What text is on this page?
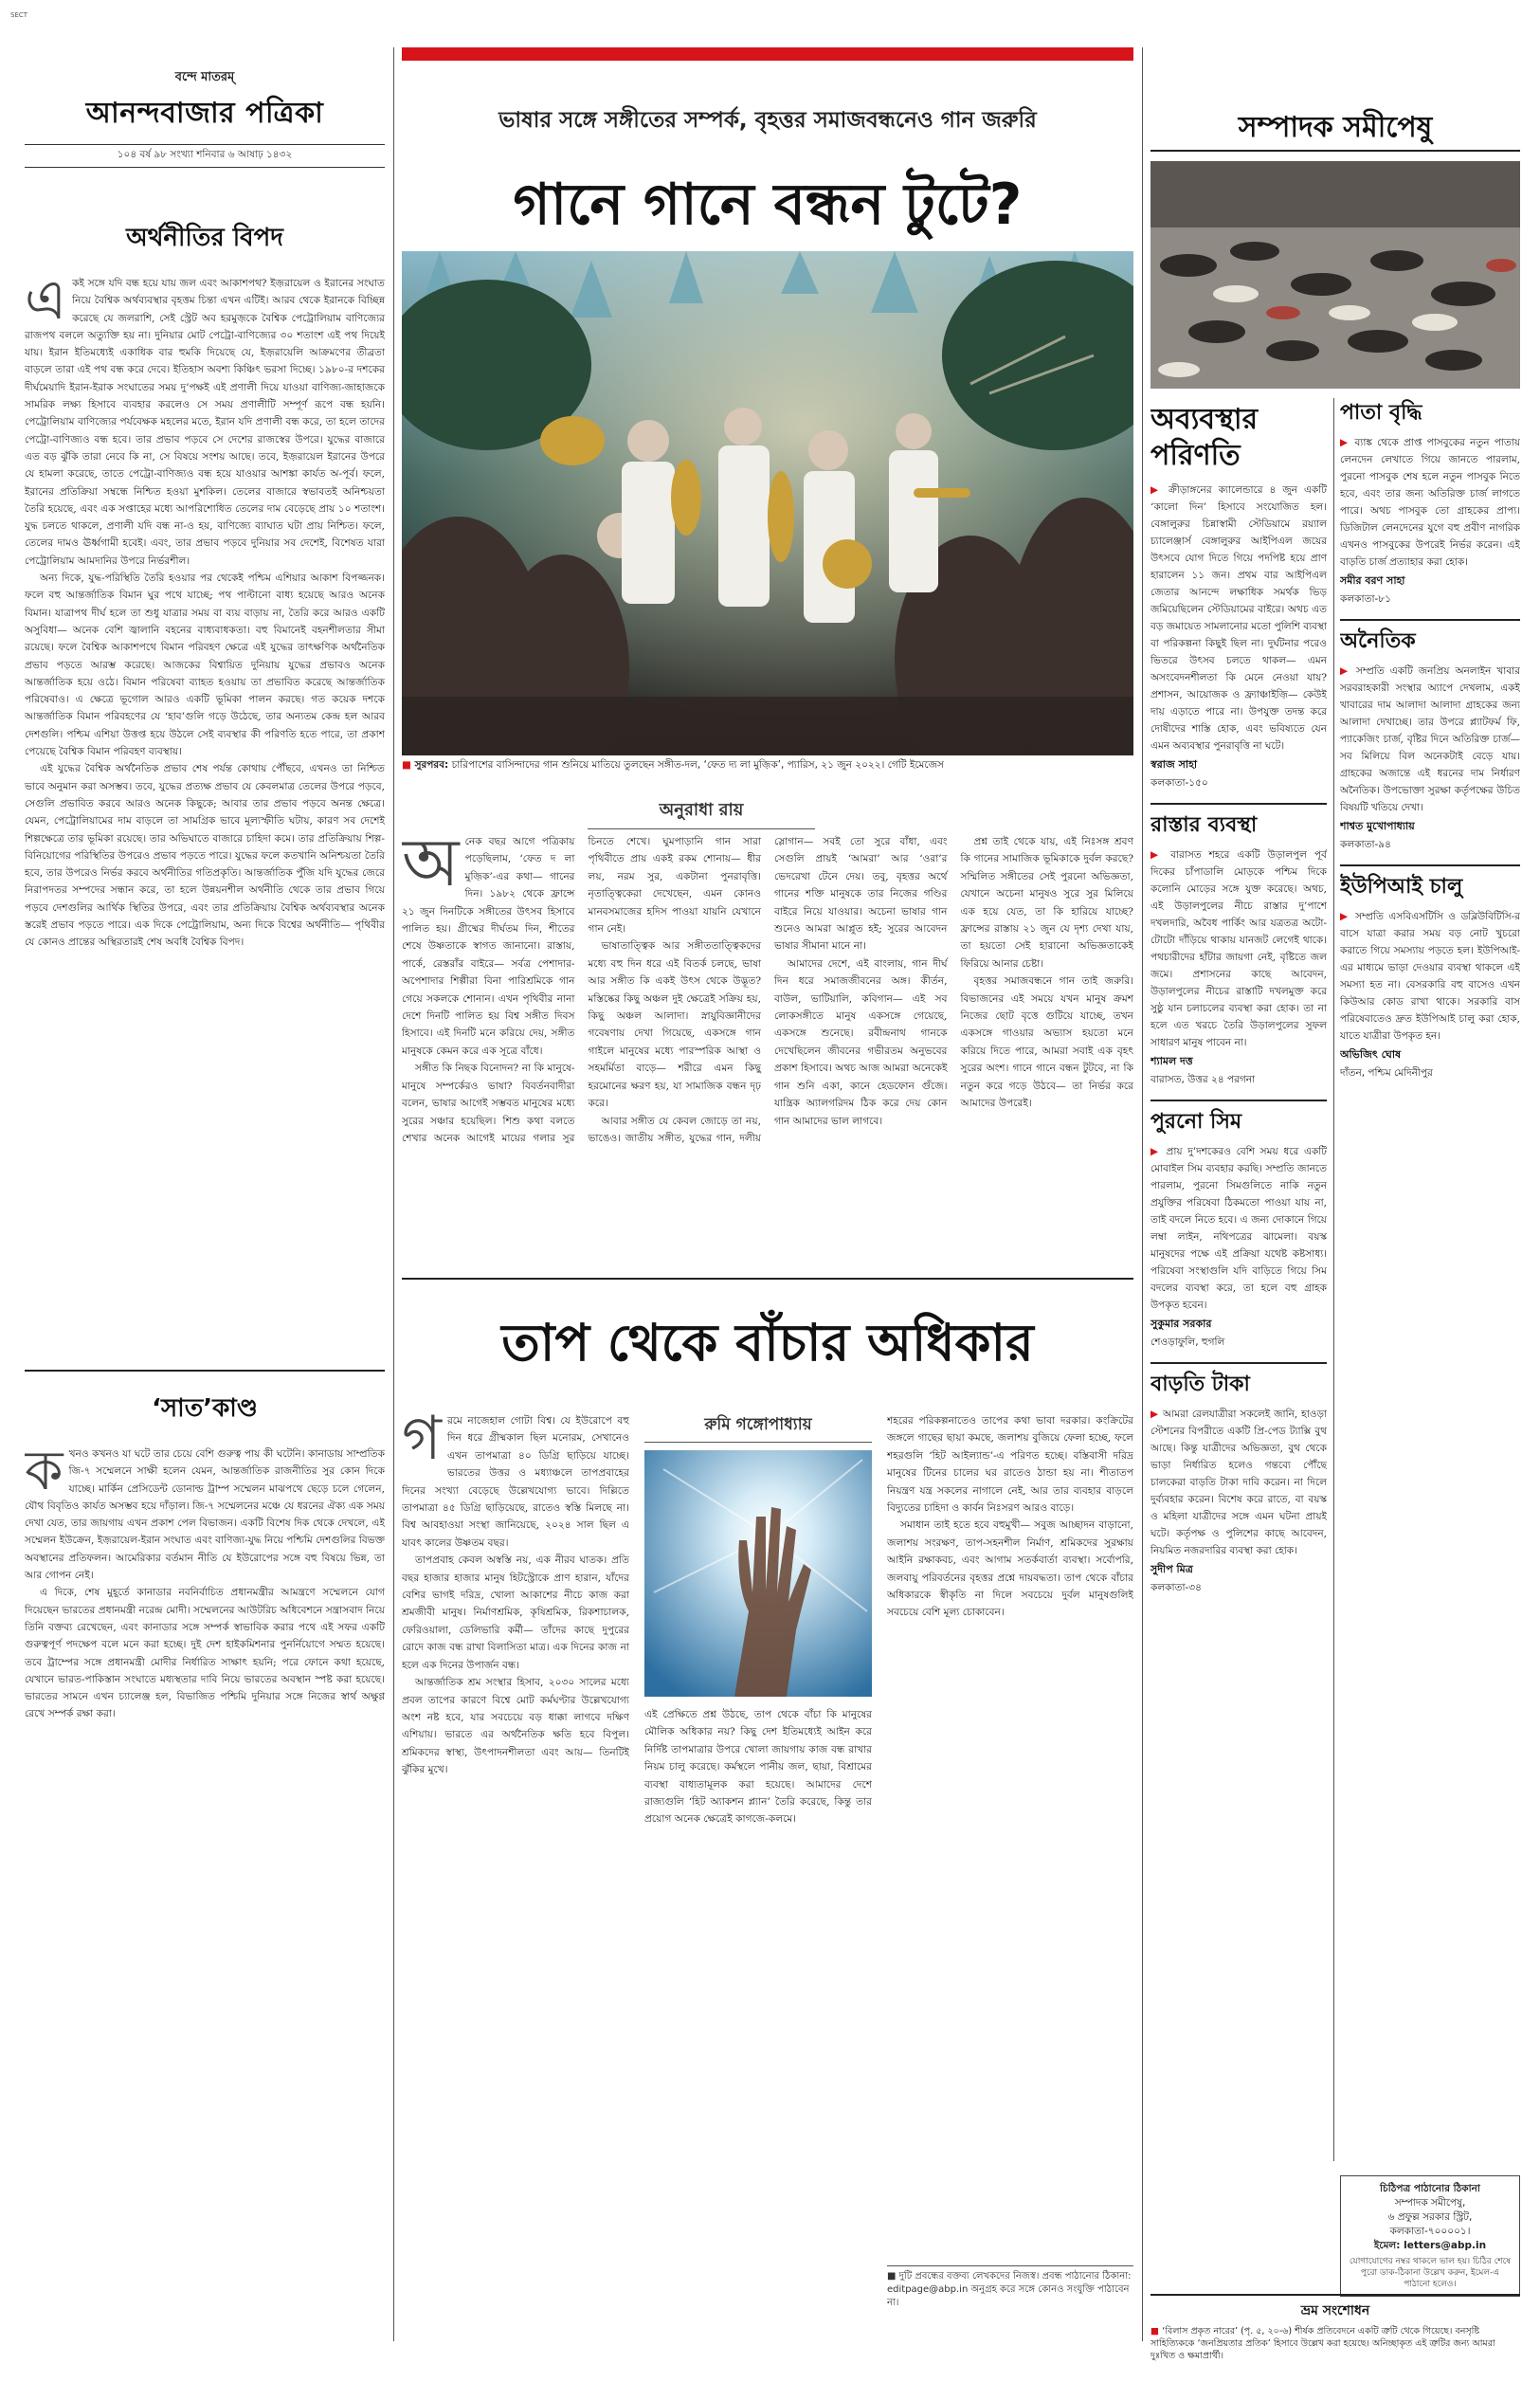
SECT
বন্দে মাতরম্‌
আনন্দবাজার পত্রিকা
১০৪ বর্ষ ৯৮ সংখ্যা শনিবার ৬ আষাঢ় ১৪৩২
অর্থনীতির বিপদ
এ কই সঙ্গে যদি বন্ধ হয়ে যায় জল এবং আকাশপথ? ইজ়রায়েল ও ইরানের সংঘাত নিয়ে বৈশ্বিক অর্থব্যবস্থার বৃহত্তম চিন্তা এখন এটিই। আরব থেকে ইরানকে বিচ্ছিন্ন করেছে যে জলরাশি, সেই স্ট্রেট অব হরমুজ়কে বৈশ্বিক পেট্রোলিয়াম বাণিজ্যের রাজপথ বললে অত্যুক্তি হয় না। দুনিয়ার মোট পেট্রো-বাণিজ্যের ৩০ শতাংশ এই পথ দিয়েই যায়। ইরান ইতিমধ্যেই একাধিক বার হুমকি দিয়েছে যে, ইজ়রায়েলি আক্রমণের তীব্রতা বাড়লে তারা এই পথ বন্ধ করে দেবে। ইতিহাস অবশ্য কিঞ্চিৎ ভরসা দিচ্ছে। ১৯৮০-র দশকের দীর্ঘমেয়াদি ইরান-ইরাক সংঘাতের সময় দু’পক্ষই এই প্রণালী দিয়ে যাওয়া বাণিজ্য-জাহাজকে সামরিক লক্ষ্য হিসাবে ব্যবহার করলেও সে সময় প্রণালীটি সম্পূর্ণ রূপে বন্ধ হয়নি। পেট্রোলিয়াম বাণিজ্যের পর্যবেক্ষক মহলের মতে, ইরান যদি প্রণালী বন্ধ করে, তা হলে তাদের পেট্রো-বাণিজ্যও বন্ধ হবে। তার প্রভাব পড়বে সে দেশের রাজস্বের উপরে। যুদ্ধের বাজারে এত বড় ঝুঁকি তারা নেবে কি না, সে বিষয়ে সংশয় আছে। তবে, ইজ়রায়েল ইরানের উপরে যে হামলা করেছে, তাতে পেট্রো-বাণিজ্যও বন্ধ হয়ে যাওয়ার আশঙ্কা কার্যত অ-পূর্ব। ফলে, ইরানের প্রতিক্রিয়া সম্বন্ধে নিশ্চিত হওয়া মুশকিল। তেলের বাজারে স্বভাবতই অনিশ্চয়তা তৈরি হয়েছে, এবং এক সপ্তাহের মধ্যে আপরিশোধিত তেলের দাম বেড়েছে প্রায় ১০ শতাংশ। যুদ্ধ চলতে থাকলে, প্রণালী যদি বন্ধ না-ও হয়, বাণিজ্যে ব্যাঘাত ঘটা প্রায় নিশ্চিত। ফলে, তেলের দামও ঊর্ধ্বগামী হবেই। এবং, তার প্রভাব পড়বে দুনিয়ার সব দেশেই, বিশেষত যারা পেট্রোলিয়াম আমদানির উপরে নির্ভরশীল।

অন্য দিকে, যুদ্ধ-পরিস্থিতি তৈরি হওয়ার পর থেকেই পশ্চিম এশিয়ার আকাশ বিপজ্জনক। ফলে বহু আন্তর্জাতিক বিমান ঘুর পথে যাচ্ছে; পথ পাল্টানো বাধ্য হয়েছে আরও অনেক বিমান। যাত্রাপথ দীর্ঘ হলে তা শুধু যাত্রার সময় বা ব্যয় বাড়ায় না, তৈরি করে আরও একটি অসুবিধা— অনেক বেশি জ্বালানি বহনের বাধ্যবাধকতা। বহু বিমানেই বহনশীলতার সীমা রয়েছে। ফলে বৈশ্বিক আকাশপথে বিমান পরিবহণ ক্ষেত্রে এই যুদ্ধের তাৎক্ষণিক অর্থনৈতিক প্রভাব পড়তে আরম্ভ করেছে। আজকের বিশ্বায়িত দুনিয়ায় যুদ্ধের প্রভাবও অনেক আন্তর্জাতিক হয়ে ওঠে। বিমান পরিষেবা ব্যাহত হওয়ায় তা প্রভাবিত করেছে আন্তর্জাতিক পরিষেবাও। এ ক্ষেত্রে ভূগোল আরও একটি ভূমিকা পালন করছে। গত কয়েক দশকে আন্তর্জাতিক বিমান পরিবহণের যে ‘হাব’গুলি গড়ে উঠেছে, তার অন্যতম কেন্দ্র হল আরব দেশগুলি। পশ্চিম এশিয়া উত্তপ্ত হয়ে উঠলে সেই ব্যবস্থার কী পরিণতি হতে পারে, তা প্রকাশ পেয়েছে বৈশ্বিক বিমান পরিবহণ ব্যবস্থায়।

এই যুদ্ধের বৈশ্বিক অর্থনৈতিক প্রভাব শেষ পর্যন্ত কোথায় পৌঁছবে, এখনও তা নিশ্চিত ভাবে অনুমান করা অসম্ভব। তবে, যুদ্ধের প্রত্যক্ষ প্রভাব যে কেবলমাত্র তেলের উপরে পড়বে, সেগুলি প্রভাবিত করবে আরও অনেক কিছুকে; আবার তার প্রভাব পড়বে অনন্ত ক্ষেত্রে। যেমন, পেট্রোলিয়ামের দাম বাড়লে তা সামগ্রিক ভাবে মূল্যস্ফীতি ঘটায়, কারণ সব দেশেই শিল্পক্ষেত্রে তার ভূমিকা রয়েছে। তার অভিঘাতে বাজারে চাহিদা কমে। তার প্রতিক্রিয়ায় শিল্প-বিনিয়োগের পরিস্থিতির উপরেও প্রভাব পড়তে পারে। যুদ্ধের ফলে কতখানি অনিশ্চয়তা তৈরি হবে, তার উপরেও নির্ভর করবে অর্থনীতির গতিপ্রকৃতি। আন্তর্জাতিক পুঁজি যদি যুদ্ধের জেরে নিরাপদতর সম্পদের সন্ধান করে, তা হলে উন্নয়নশীল অর্থনীতি থেকে তার প্রভাব গিয়ে পড়বে দেশগুলির আর্থিক স্থিতির উপরে, এবং তার প্রতিক্রিয়ায় বৈশ্বিক অর্থব্যবস্থার অনেক স্তরেই প্রভাব পড়তে পারে। এক দিকে পেট্রোলিয়াম, অন্য দিকে বিশ্বের অর্থনীতি— পৃথিবীর যে কোনও প্রান্তের অস্থিরতারই শেষ অবধি বৈশ্বিক বিপদ।

‘সাত’কাণ্ড
ক খনও কখনও যা ঘটে তার চেয়ে বেশি গুরুত্ব পায় কী ঘটেনি। কানাডায় সাম্প্রতিক জি-৭ সম্মেলনে সাক্ষী হলেন যেমন, আন্তর্জাতিক রাজনীতির সুর কোন দিকে যাচ্ছে। মার্কিন প্রেসিডেন্ট ডোনাল্ড ট্রাম্প সম্মেলন মাঝপথে ছেড়ে চলে গেলেন, যৌথ বিবৃতিও কার্যত অসম্ভব হয়ে দাঁড়াল। জি-৭ সম্মেলনের মঞ্চে যে ধরনের ঐক্য এক সময় দেখা যেত, তার জায়গায় এখন প্রকাশ পেল বিভাজন। একটি বিশেষ দিক থেকে দেখলে, এই সম্মেলন ইউক্রেন, ইজ়রায়েল-ইরান সংঘাত এবং বাণিজ্য-যুদ্ধ নিয়ে পশ্চিমি দেশগুলির বিভক্ত অবস্থানের প্রতিফলন। আমেরিকার বর্তমান নীতি যে ইউরোপের সঙ্গে বহু বিষয়ে ভিন্ন, তা আর গোপন নেই।

এ দিকে, শেষ মুহূর্তে কানাডার নবনির্বাচিত প্রধানমন্ত্রীর আমন্ত্রণে সম্মেলনে যোগ দিয়েছেন ভারতের প্রধানমন্ত্রী নরেন্দ্র মোদী। সম্মেলনের আউটরিচ অধিবেশনে সন্ত্রাসবাদ নিয়ে তিনি বক্তব্য রেখেছেন, এবং কানাডার সঙ্গে সম্পর্ক স্বাভাবিক করার পথে এই সফর একটি গুরুত্বপূর্ণ পদক্ষেপ বলে মনে করা হচ্ছে। দুই দেশ হাইকমিশনার পুনর্নিয়োগে সম্মত হয়েছে। তবে ট্রাম্পের সঙ্গে প্রধানমন্ত্রী মোদীর নির্ধারিত সাক্ষাৎ হয়নি; পরে ফোনে কথা হয়েছে, যেখানে ভারত-পাকিস্তান সংঘাতে মধ্যস্থতার দাবি নিয়ে ভারতের অবস্থান স্পষ্ট করা হয়েছে। ভারতের সামনে এখন চ্যালেঞ্জ হল, বিভাজিত পশ্চিমি দুনিয়ার সঙ্গে নিজের স্বার্থ অক্ষুণ্ণ রেখে সম্পর্ক রক্ষা করা।

ভাষার সঙ্গে সঙ্গীতের সম্পর্ক, বৃহত্তর সমাজবন্ধনেও গান জরুরি
গানে গানে বন্ধন টুটে?
■ সুরপরব: চারিপাশের বাসিন্দাদের গান শুনিয়ে মাতিয়ে তুলছেন সঙ্গীত-দল, ‘ফেত দ্য লা মুজ়িক’, প্যারিস, ২১ জুন ২০২২। গেটি ইমেজেস
অনুরাধা রায়
অ নেক বছর আগে পত্রিকায় পড়েছিলাম, ‘ফেত দ লা মুজ়িক’-এর কথা— গানের দিন। ১৯৮২ থেকে ফ্রান্সে ২১ জুন দিনটিকে সঙ্গীতের উৎসব হিসাবে পালিত হয়। গ্রীষ্মের দীর্ঘতম দিন, শীতের শেষে উষ্ণতাকে স্বাগত জানানো। রাস্তায়, পার্কে, রেস্তরাঁর বাইরে— সর্বত্র পেশাদার-অপেশাদার শিল্পীরা বিনা পারিশ্রমিকে গান গেয়ে সকলকে শোনান। এখন পৃথিবীর নানা দেশে দিনটি পালিত হয় বিশ্ব সঙ্গীত দিবস হিসাবে। এই দিনটি মনে করিয়ে দেয়, সঙ্গীত মানুষকে কেমন করে এক সূত্রে বাঁধে।

সঙ্গীত কি নিছক বিনোদন? না কি মানুষে-মানুষে সম্পর্কেরও ভাষা? বিবর্তনবাদীরা বলেন, ভাষার আগেই সম্ভবত মানুষের মধ্যে সুরের সঞ্চার হয়েছিল। শিশু কথা বলতে শেখার অনেক আগেই মায়ের গলার সুর চিনতে শেখে। ঘুমপাড়ানি গান সারা পৃথিবীতে প্রায় একই রকম শোনায়— ধীর লয়, নরম সুর, একটানা পুনরাবৃত্তি। নৃতাত্ত্বিকেরা দেখেছেন, এমন কোনও মানবসমাজের হদিস পাওয়া যায়নি যেখানে গান নেই।

ভাষাতাত্ত্বিক আর সঙ্গীততাত্ত্বিকদের মধ্যে বহু দিন ধরে এই বিতর্ক চলছে, ভাষা আর সঙ্গীত কি একই উৎস থেকে উদ্ভূত? মস্তিষ্কের কিছু অঞ্চল দুই ক্ষেত্রেই সক্রিয় হয়, কিছু অঞ্চল আলাদা। স্নায়ুবিজ্ঞানীদের গবেষণায় দেখা গিয়েছে, একসঙ্গে গান গাইলে মানুষের মধ্যে পারস্পরিক আস্থা ও সহমর্মিতা বাড়ে— শরীরে এমন কিছু হরমোনের ক্ষরণ হয়, যা সামাজিক বন্ধন দৃঢ় করে।

আবার সঙ্গীত যে কেবল জোড়ে তা নয়, ভাঙেও। জাতীয় সঙ্গীত, যুদ্ধের গান, দলীয় স্লোগান— সবই তো সুরে বাঁধা, এবং সেগুলি প্রায়ই ‘আমরা’ আর ‘ওরা’র ভেদরেখা টেনে দেয়। তবু, বৃহত্তর অর্থে গানের শক্তি মানুষকে তার নিজের গণ্ডির বাইরে নিয়ে যাওয়ার। অচেনা ভাষার গান শুনেও আমরা আপ্লুত হই; সুরের আবেদন ভাষার সীমানা মানে না।

আমাদের দেশে, এই বাংলায়, গান দীর্ঘ দিন ধরে সমাজজীবনের অঙ্গ। কীর্তন, বাউল, ভাটিয়ালি, কবিগান— এই সব লোকসঙ্গীতে মানুষ একসঙ্গে গেয়েছে, একসঙ্গে শুনেছে। রবীন্দ্রনাথ গানকে দেখেছিলেন জীবনের গভীরতম অনুভবের প্রকাশ হিসাবে। অথচ আজ আমরা অনেকেই গান শুনি একা, কানে হেডফোন গুঁজে। যান্ত্রিক অ্যালগরিদম ঠিক করে দেয় কোন গান আমাদের ভাল লাগবে।

প্রশ্ন তাই থেকে যায়, এই নিঃসঙ্গ শ্রবণ কি গানের সামাজিক ভূমিকাকে দুর্বল করছে? সম্মিলিত সঙ্গীতের সেই পুরনো অভিজ্ঞতা, যেখানে অচেনা মানুষও সুরে সুর মিলিয়ে এক হয়ে যেত, তা কি হারিয়ে যাচ্ছে? ফ্রান্সের রাস্তায় ২১ জুন যে দৃশ্য দেখা যায়, তা হয়তো সেই হারানো অভিজ্ঞতাকেই ফিরিয়ে আনার চেষ্টা।

বৃহত্তর সমাজবন্ধনে গান তাই জরুরি। বিভাজনের এই সময়ে যখন মানুষ ক্রমশ নিজের ছোট বৃত্তে গুটিয়ে যাচ্ছে, তখন একসঙ্গে গাওয়ার অভ্যাস হয়তো মনে করিয়ে দিতে পারে, আমরা সবাই এক বৃহৎ সুরের অংশ। গানে গানে বন্ধন টুটবে, না কি নতুন করে গড়ে উঠবে— তা নির্ভর করে আমাদের উপরেই।

তাপ থেকে বাঁচার অধিকার
গ রমে নাজেহাল গোটা বিশ্ব। যে ইউরোপে বহু দিন ধরে গ্রীষ্মকাল ছিল মনোরম, সেখানেও এখন তাপমাত্রা ৪০ ডিগ্রি ছাড়িয়ে যাচ্ছে। ভারতের উত্তর ও মধ্যাঞ্চলে তাপপ্রবাহের দিনের সংখ্যা বেড়েছে উল্লেখযোগ্য ভাবে। দিল্লিতে তাপমাত্রা ৪৫ ডিগ্রি ছাড়িয়েছে, রাতেও স্বস্তি মিলছে না। বিশ্ব আবহাওয়া সংস্থা জানিয়েছে, ২০২৪ সাল ছিল এ যাবৎ কালের উষ্ণতম বছর।

তাপপ্রবাহ কেবল অস্বস্তি নয়, এক নীরব ঘাতক। প্রতি বছর হাজার হাজার মানুষ হিটস্ট্রোকে প্রাণ হারান, যাঁদের বেশির ভাগই দরিদ্র, খোলা আকাশের নীচে কাজ করা শ্রমজীবী মানুষ। নির্মাণশ্রমিক, কৃষিশ্রমিক, রিকশাচালক, ফেরিওয়ালা, ডেলিভারি কর্মী— তাঁদের কাছে দুপুরের রোদে কাজ বন্ধ রাখা বিলাসিতা মাত্র। এক দিনের কাজ না হলে এক দিনের উপার্জন বন্ধ।

আন্তর্জাতিক শ্রম সংস্থার হিসাব, ২০৩০ সালের মধ্যে প্রবল তাপের কারণে বিশ্বে মোট কর্মঘণ্টার উল্লেখযোগ্য অংশ নষ্ট হবে, যার সবচেয়ে বড় ধাক্কা লাগবে দক্ষিণ এশিয়ায়। ভারতে এর অর্থনৈতিক ক্ষতি হবে বিপুল। শ্রমিকদের স্বাস্থ্য, উৎপাদনশীলতা এবং আয়— তিনটিই ঝুঁকির মুখে।

রুমি গঙ্গোপাধ্যায়

এই প্রেক্ষিতে প্রশ্ন উঠছে, তাপ থেকে বাঁচা কি মানুষের মৌলিক অধিকার নয়? কিছু দেশ ইতিমধ্যেই আইন করে নির্দিষ্ট তাপমাত্রার উপরে খোলা জায়গায় কাজ বন্ধ রাখার নিয়ম চালু করেছে। কর্মস্থলে পানীয় জল, ছায়া, বিশ্রামের ব্যবস্থা বাধ্যতামূলক করা হয়েছে। আমাদের দেশে রাজ্যগুলি ‘হিট অ্যাকশন প্ল্যান’ তৈরি করেছে, কিন্তু তার প্রয়োগ অনেক ক্ষেত্রেই কাগজে-কলমে।

শহরের পরিকল্পনাতেও তাপের কথা ভাবা দরকার। কংক্রিটের জঙ্গলে গাছের ছায়া কমছে, জলাশয় বুজিয়ে ফেলা হচ্ছে, ফলে শহরগুলি ‘হিট আইল্যান্ড’-এ পরিণত হচ্ছে। বস্তিবাসী দরিদ্র মানুষের টিনের চালের ঘর রাতেও ঠান্ডা হয় না। শীতাতপ নিয়ন্ত্রণ যন্ত্র সকলের নাগালে নেই, আর তার ব্যবহার বাড়লে বিদ্যুতের চাহিদা ও কার্বন নিঃসরণ আরও বাড়ে।

সমাধান তাই হতে হবে বহুমুখী— সবুজ আচ্ছাদন বাড়ানো, জলাশয় সংরক্ষণ, তাপ-সহনশীল নির্মাণ, শ্রমিকদের সুরক্ষায় আইনি রক্ষাকবচ, এবং আগাম সতর্কবার্তা ব্যবস্থা। সর্বোপরি, জলবায়ু পরিবর্তনের বৃহত্তর প্রশ্নে দায়বদ্ধতা। তাপ থেকে বাঁচার অধিকারকে স্বীকৃতি না দিলে সবচেয়ে দুর্বল মানুষগুলিই সবচেয়ে বেশি মূল্য চোকাবেন।

■ দুটি প্রবন্ধের বক্তব্য লেখকদের নিজস্ব। প্রবন্ধ পাঠানোর ঠিকানা: editpage@abp.in অনুগ্রহ করে সঙ্গে কোনও সংযুক্তি পাঠাবেন না।
সম্পাদক সমীপেষু
অব্যবস্থার পরিণতি

▶ ক্রীড়াঙ্গনের ক্যালেন্ডারে ৪ জুন একটি ‘কালো দিন’ হিসাবে সংযোজিত হল। বেঙ্গালুরুর চিন্নাস্বামী স্টেডিয়ামে রয়্যাল চ্যালেঞ্জার্স বেঙ্গালুরুর আইপিএল জয়ের উৎসবে যোগ দিতে গিয়ে পদপিষ্ট হয়ে প্রাণ হারালেন ১১ জন। প্রথম বার আইপিএল জেতার আনন্দে লক্ষাধিক সমর্থক ভিড় জমিয়েছিলেন স্টেডিয়ামের বাইরে। অথচ এত বড় জমায়েত সামলানোর মতো পুলিশি ব্যবস্থা বা পরিকল্পনা কিছুই ছিল না। দুর্ঘটনার পরেও ভিতরে উৎসব চলতে থাকল— এমন অসংবেদনশীলতা কি মেনে নেওয়া যায়? প্রশাসন, আয়োজক ও ফ্র্যাঞ্চাইজ়ি— কেউই দায় এড়াতে পারে না। উপযুক্ত তদন্ত করে দোষীদের শাস্তি হোক, এবং ভবিষ্যতে যেন এমন অব্যবস্থার পুনরাবৃত্তি না ঘটে।

স্বরাজ সাহা
কলকাতা-১৫০
রাস্তার ব্যবস্থা

▶ বারাসত শহরে একটি উড়ালপুল পূর্ব দিকের চাঁপাডালি মোড়কে পশ্চিম দিকে কলোনি মোড়ের সঙ্গে যুক্ত করেছে। অথচ, এই উড়ালপুলের নীচে রাস্তার দু’পাশে দখলদারি, অবৈধ পার্কিং আর যত্রতত্র অটো-টোটো দাঁড়িয়ে থাকায় যানজট লেগেই থাকে। পথচারীদের হাঁটার জায়গা নেই, বৃষ্টিতে জল জমে। প্রশাসনের কাছে আবেদন, উড়ালপুলের নীচের রাস্তাটি দখলমুক্ত করে সুষ্ঠু যান চলাচলের ব্যবস্থা করা হোক। তা না হলে এত খরচে তৈরি উড়ালপুলের সুফল সাধারণ মানুষ পাবেন না।

শ্যামল দত্ত
বারাসত, উত্তর ২৪ পরগনা
পুরনো সিম

▶ প্রায় দু’দশকেরও বেশি সময় ধরে একটি মোবাইল সিম ব্যবহার করছি। সম্প্রতি জানতে পারলাম, পুরনো সিমগুলিতে নাকি নতুন প্রযুক্তির পরিষেবা ঠিকমতো পাওয়া যায় না, তাই বদলে নিতে হবে। এ জন্য দোকানে গিয়ে লম্বা লাইন, নথিপত্রের ঝামেলা। বয়স্ক মানুষদের পক্ষে এই প্রক্রিয়া যথেষ্ট কষ্টসাধ্য। পরিষেবা সংস্থাগুলি যদি বাড়িতে গিয়ে সিম বদলের ব্যবস্থা করে, তা হলে বহু গ্রাহক উপকৃত হবেন।

সুকুমার সরকার
শেওড়াফুলি, হুগলি
বাড়তি টাকা

▶ আমরা রেলযাত্রীরা সকলেই জানি, হাওড়া স্টেশনের বিপরীতে একটি প্রি-পেড ট্যাক্সি বুথ আছে। কিন্তু যাত্রীদের অভিজ্ঞতা, বুথ থেকে ভাড়া নির্ধারিত হলেও গন্তব্যে পৌঁছে চালকেরা বাড়তি টাকা দাবি করেন। না দিলে দুর্ব্যবহার করেন। বিশেষ করে রাতে, বা বয়স্ক ও মহিলা যাত্রীদের সঙ্গে এমন ঘটনা প্রায়ই ঘটে। কর্তৃপক্ষ ও পুলিশের কাছে আবেদন, নিয়মিত নজরদারির ব্যবস্থা করা হোক।

সুদীপ মিত্র
কলকাতা-৩৪
পাতা বৃদ্ধি

▶ ব্যাঙ্ক থেকে প্রাপ্ত পাসবুকের নতুন পাতায় লেনদেন লেখাতে গিয়ে জানতে পারলাম, পুরনো পাসবুক শেষ হলে নতুন পাসবুক নিতে হবে, এবং তার জন্য অতিরিক্ত চার্জ লাগতে পারে। অথচ পাসবুক তো গ্রাহকের প্রাপ্য। ডিজিটাল লেনদেনের যুগে বহু প্রবীণ নাগরিক এখনও পাসবুকের উপরেই নির্ভর করেন। এই বাড়তি চার্জ প্রত্যাহার করা হোক।

সমীর বরণ সাহা
কলকাতা-৮১
অনৈতিক

▶ সম্প্রতি একটি জনপ্রিয় অনলাইন খাবার সরবরাহকারী সংস্থার অ্যাপে দেখলাম, একই খাবারের দাম আলাদা আলাদা গ্রাহকের জন্য আলাদা দেখাচ্ছে। তার উপরে প্ল্যাটফর্ম ফি, প্যাকেজিং চার্জ, বৃষ্টির দিনে অতিরিক্ত চার্জ— সব মিলিয়ে বিল অনেকটাই বেড়ে যায়। গ্রাহকের অজান্তে এই ধরনের দাম নির্ধারণ অনৈতিক। উপভোক্তা সুরক্ষা কর্তৃপক্ষের উচিত বিষয়টি খতিয়ে দেখা।

শাশ্বত মুখোপাধ্যায়
কলকাতা-৯৪
ইউপিআই চালু

▶ সম্প্রতি এসবিএসটিসি ও ডব্লিউবিটিসি-র বাসে যাত্রা করার সময় বড় নোট খুচরো করাতে গিয়ে সমস্যায় পড়তে হল। ইউপিআই-এর মাধ্যমে ভাড়া দেওয়ার ব্যবস্থা থাকলে এই সমস্যা হত না। বেসরকারি বহু বাসেও এখন কিউআর কোড রাখা থাকে। সরকারি বাস পরিষেবাতেও দ্রুত ইউপিআই চালু করা হোক, যাতে যাত্রীরা উপকৃত হন।

অভিজিৎ ঘোষ
দাঁতন, পশ্চিম মেদিনীপুর
চিঠিপত্র পাঠানোর ঠিকানা
সম্পাদক সমীপেষু,
৬ প্রফুল্ল সরকার স্ট্রিট,
কলকাতা-৭০০০০১।
ইমেল: letters@abp.in
যোগাযোগের নম্বর থাকলে ভাল হয়। চিঠির শেষে পুরো ডাক-ঠিকানা উল্লেখ করুন, ইমেল-এ পাঠানো হলেও।
ভ্রম সংশোধন
■ ‘বিলাস প্রকৃত নারের’ (পৃ. ৫, ২০-৬) শীর্ষক প্রতিবেদনে একটি ত্রুটি থেকে গিয়েছে। বনসৃষ্টি সাহিত্যিককে ‘জনপ্রিয়তার প্রতিক’ হিসাবে উল্লেখ করা হয়েছে। অনিচ্ছাকৃত এই ত্রুটির জন্য আমরা দুঃখিত ও ক্ষমাপ্রার্থী।
